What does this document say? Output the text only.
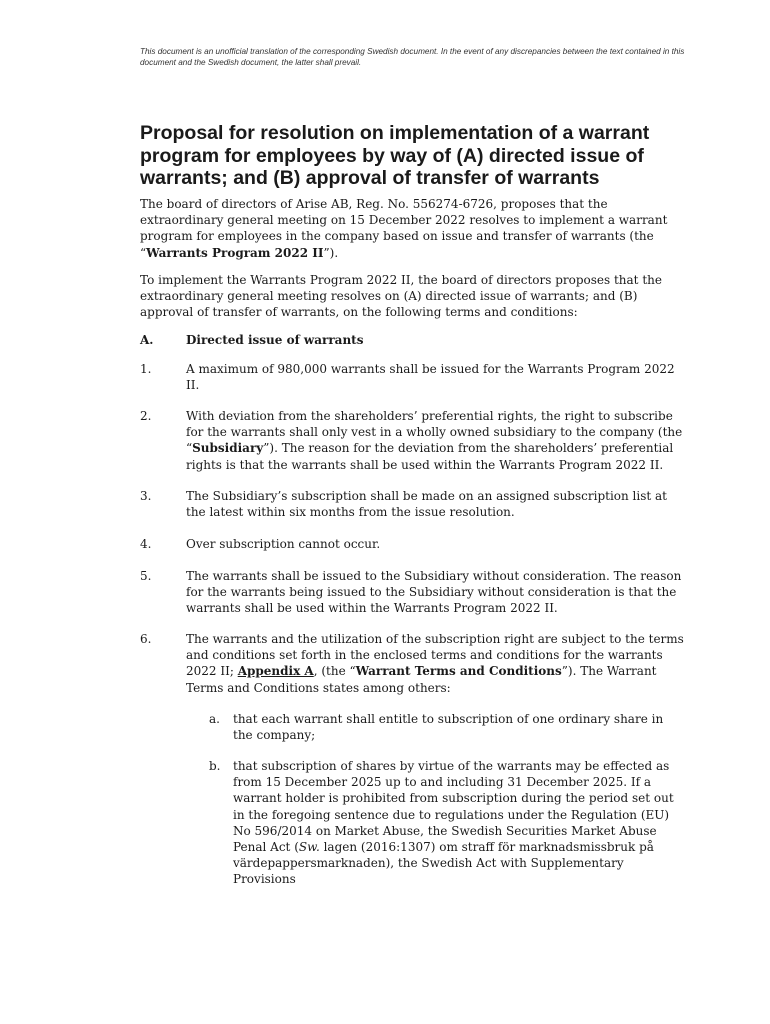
This document is an unofficial translation of the corresponding Swedish document. In the event of any discrepancies between the text contained in this document and the Swedish document, the latter shall prevail.
Proposal for resolution on implementation of a warrant program for employees by way of (A) directed issue of warrants; and (B) approval of transfer of warrants

The board of directors of Arise AB, Reg. No. 556274-6726, proposes that the extraordinary general meeting on 15 December 2022 resolves to implement a warrant program for employees in the company based on issue and transfer of warrants (the “Warrants Program 2022 II”).

To implement the Warrants Program 2022 II, the board of directors proposes that the extraordinary general meeting resolves on (A) directed issue of warrants; and (B) approval of transfer of warrants, on the following terms and conditions:

A.	Directed issue of warrants
1.	A maximum of 980,000 warrants shall be issued for the Warrants Program 2022 II.

2.	With deviation from the shareholders’ preferential rights, the right to subscribe for the warrants shall only vest in a wholly owned subsidiary to the company (the “Subsidiary”). The reason for the deviation from the shareholders’ preferential rights is that the warrants shall be used within the Warrants Program 2022 II.

3.	The Subsidiary’s subscription shall be made on an assigned subscription list at the latest within six months from the issue resolution.

4.	Over subscription cannot occur.

5.	The warrants shall be issued to the Subsidiary without consideration. The reason for the warrants being issued to the Subsidiary without consideration is that the warrants shall be used within the Warrants Program 2022 II.

6.	The warrants and the utilization of the subscription right are subject to the terms and conditions set forth in the enclosed terms and conditions for the warrants 2022 II; Appendix A, (the “Warrant Terms and Conditions”). The Warrant Terms and Conditions states among others:

a. that each warrant shall entitle to subscription of one ordinary share in the company;

b. that subscription of shares by virtue of the warrants may be effected as from 15 December 2025 up to and including 31 December 2025. If a warrant holder is prohibited from subscription during the period set out in the foregoing sentence due to regulations under the Regulation (EU) No 596/2014 on Market Abuse, the Swedish Securities Market Abuse Penal Act (Sw. lagen (2016:1307) om straff för marknadsmissbruk på värdepappersmarknaden), the Swedish Act with Supplementary Provisions
